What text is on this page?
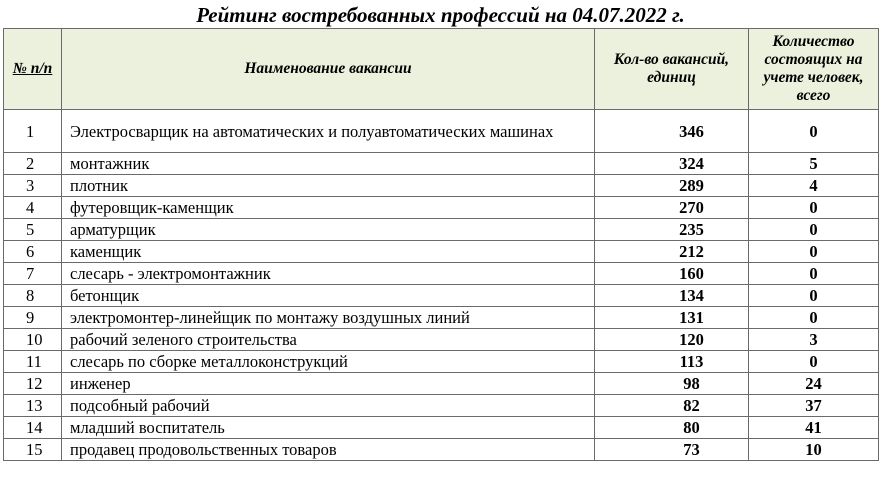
Рейтинг востребованных профессий на 04.07.2022 г.
№ п/п	Наименование вакансии	Кол-во вакансий, единиц	Количество состоящих на учете человек, всего
1	Электросварщик на автоматических и полуавтоматических машинах	346	0
2	монтажник	324	5
3	плотник	289	4
4	футеровщик-каменщик	270	0
5	арматурщик	235	0
6	каменщик	212	0
7	слесарь - электромонтажник	160	0
8	бетонщик	134	0
9	электромонтер-линейщик по монтажу воздушных линий	131	0
10	рабочий зеленого строительства	120	3
11	слесарь по сборке металлоконструкций	113	0
12	инженер	98	24
13	подсобный рабочий	82	37
14	младший воспитатель	80	41
15	продавец продовольственных товаров	73	10
